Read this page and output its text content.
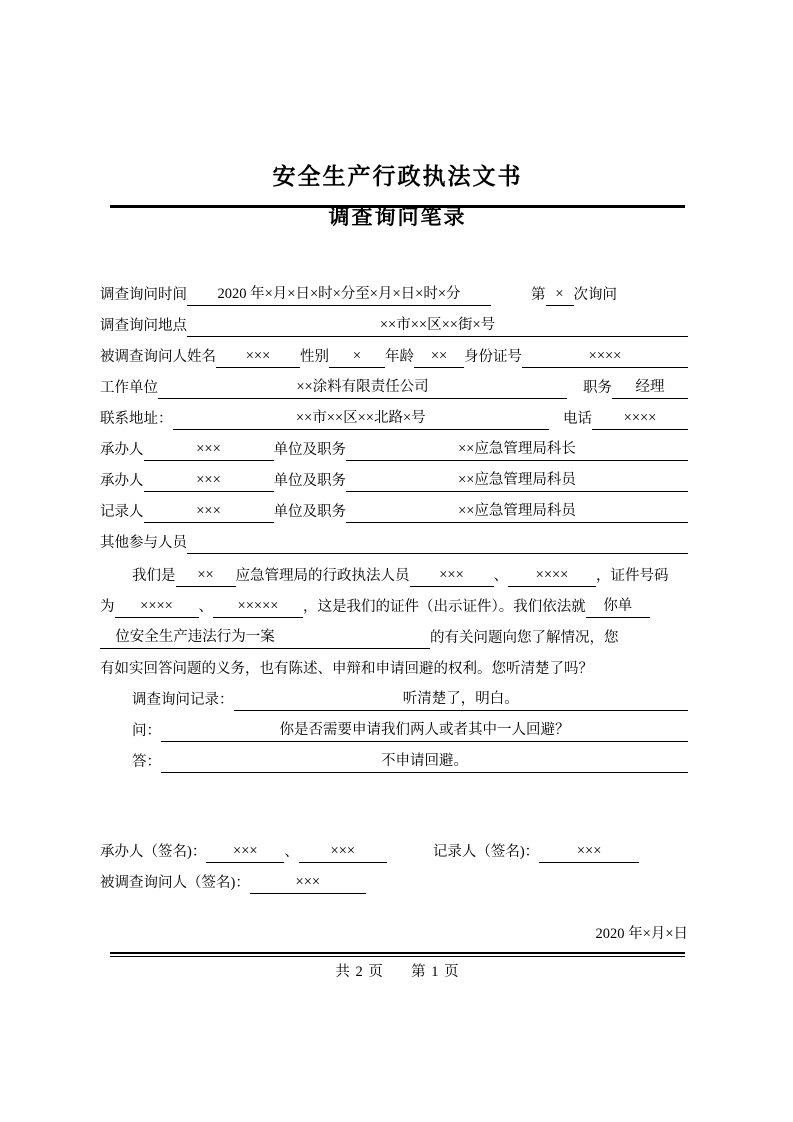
安全生产行政执法文书
调查询问笔录
调查询问时间	2020 年×月×日×时×分至×月×日×时×分	第 × 次询问
调查询问地点	××市××区××街×号
被调查询问人姓名	×××	性别	×	年龄	××	身份证号	××××
工作单位	××涂料有限责任公司	职务	经理
联系地址：	××市××区××北路×号	电话	××××
承办人	×××	单位及职务	××应急管理局科长
承办人	×××	单位及职务	××应急管理局科员
记录人	×××	单位及职务	××应急管理局科员
其他参与人员
我们是 ×× 应急管理局的行政执法人员 ××× 、 ×××× ，证件号码
为 ×××× 、 ××××× ，这是我们的证件（出示证件）。我们依法就 你单
位安全生产违法行为一案	的有关问题向您了解情况，您
有如实回答问题的义务，也有陈述、申辩和申请回避的权利。您听清楚了吗？
调查询问记录：	听清楚了，明白。
问：	你是否需要申请我们两人或者其中一人回避？
答：	不申请回避。
承办人（签名)：	×××	、	×××	记录人（签名)：	×××
被调查询问人（签名)：	×××
2020 年×月×日
共 2 页 第 1 页
